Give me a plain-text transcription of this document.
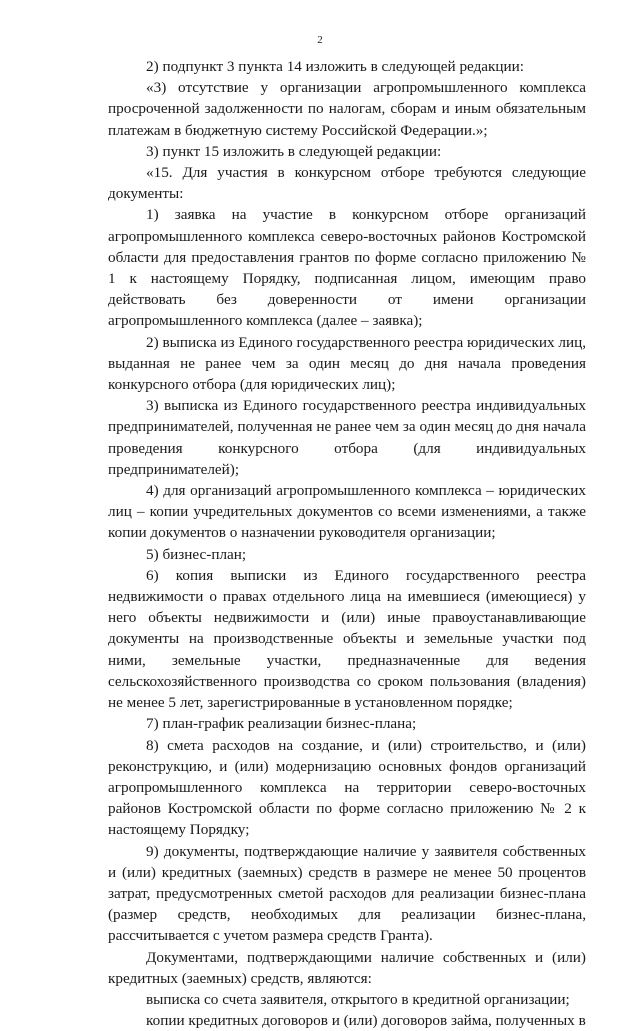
2

2) подпункт 3 пункта 14 изложить в следующей редакции:

«3) отсутствие у организации агропромышленного комплекса просроченной задолженности по налогам, сборам и иным обязательным платежам в бюджетную систему Российской Федерации.»;

3) пункт 15 изложить в следующей редакции:

«15. Для участия в конкурсном отборе требуются следующие документы:

1) заявка на участие в конкурсном отборе организаций агропромышленного комплекса северо-восточных районов Костромской области для предоставления грантов по форме согласно приложению № 1 к настоящему Порядку, подписанная лицом, имеющим право действовать без доверенности от имени организации агропромышленного комплекса (далее – заявка);

2) выписка из Единого государственного реестра юридических лиц, выданная не ранее чем за один месяц до дня начала проведения конкурсного отбора (для юридических лиц);

3) выписка из Единого государственного реестра индивидуальных предпринимателей, полученная не ранее чем за один месяц до дня начала проведения конкурсного отбора (для индивидуальных предпринимателей);

4) для организаций агропромышленного комплекса – юридических лиц – копии учредительных документов со всеми изменениями, а также копии документов о назначении руководителя организации;

5) бизнес-план;

6) копия выписки из Единого государственного реестра недвижимости о правах отдельного лица на имевшиеся (имеющиеся) у него объекты недвижимости и (или) иные правоустанавливающие документы на производственные объекты и земельные участки под ними, земельные участки, предназначенные для ведения сельскохозяйственного производства со сроком пользования (владения) не менее 5 лет, зарегистрированные в установленном порядке;

7) план-график реализации бизнес-плана;

8) смета расходов на создание, и (или) строительство, и (или) реконструкцию, и (или) модернизацию основных фондов организаций агропромышленного комплекса на территории северо-восточных районов Костромской области по форме согласно приложению № 2 к настоящему Порядку;

9) документы, подтверждающие наличие у заявителя собственных и (или) кредитных (заемных) средств в размере не менее 50 процентов затрат, предусмотренных сметой расходов для реализации бизнес-плана (размер средств, необходимых для реализации бизнес-плана, рассчитывается с учетом размера средств Гранта).

Документами, подтверждающими наличие собственных и (или) кредитных (заемных) средств, являются:

выписка со счета заявителя, открытого в кредитной организации;

копии кредитных договоров и (или) договоров займа, полученных в
